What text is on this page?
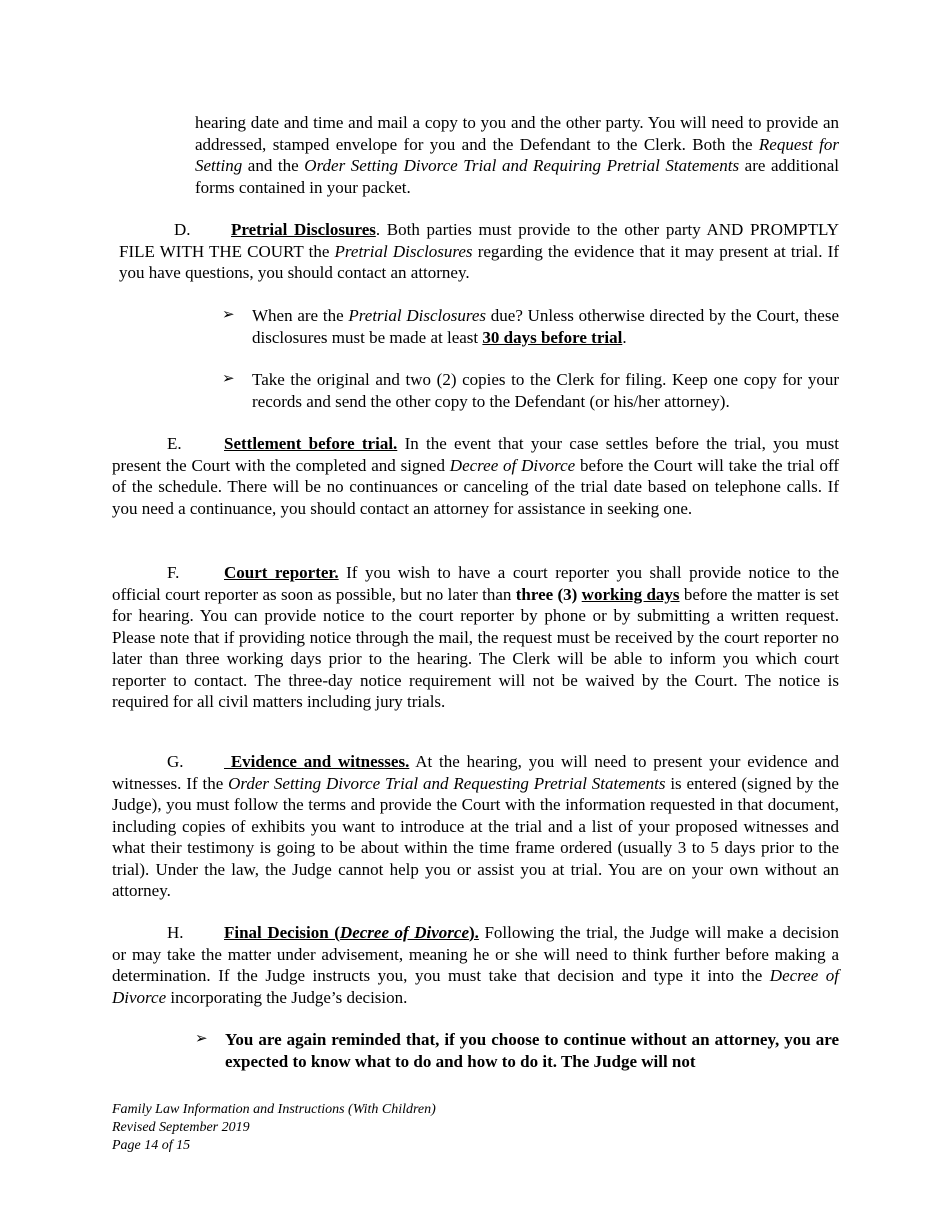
hearing date and time and mail a copy to you and the other party. You will need to provide an addressed, stamped envelope for you and the Defendant to the Clerk. Both the Request for Setting and the Order Setting Divorce Trial and Requiring Pretrial Statements are additional forms contained in your packet.

D. Pretrial Disclosures. Both parties must provide to the other party AND PROMPTLY FILE WITH THE COURT the Pretrial Disclosures regarding the evidence that it may present at trial. If you have questions, you should contact an attorney.

➢ When are the Pretrial Disclosures due? Unless otherwise directed by the Court, these disclosures must be made at least 30 days before trial.
➢ Take the original and two (2) copies to the Clerk for filing. Keep one copy for your records and send the other copy to the Defendant (or his/her attorney).

E. Settlement before trial. In the event that your case settles before the trial, you must present the Court with the completed and signed Decree of Divorce before the Court will take the trial off of the schedule. There will be no continuances or canceling of the trial date based on telephone calls. If you need a continuance, you should contact an attorney for assistance in seeking one.

F.	Court reporter. If you wish to have a court reporter you shall provide notice to the official court reporter as soon as possible, but no later than three (3) working days before the matter is set for hearing. You can provide notice to the court reporter by phone or by submitting a written request. Please note that if providing notice through the mail, the request must be received by the court reporter no later than three working days prior to the hearing. The Clerk will be able to inform you which court reporter to contact. The three-day notice requirement will not be waived by the Court. The notice is required for all civil matters including jury trials.

G. Evidence and witnesses. At the hearing, you will need to present your evidence and witnesses. If the Order Setting Divorce Trial and Requesting Pretrial Statements is entered (signed by the Judge), you must follow the terms and provide the Court with the information requested in that document, including copies of exhibits you want to introduce at the trial and a list of your proposed witnesses and what their testimony is going to be about within the time frame ordered (usually 3 to 5 days prior to the trial). Under the law, the Judge cannot help you or assist you at trial. You are on your own without an attorney.

H. Final Decision (Decree of Divorce). Following the trial, the Judge will make a decision or may take the matter under advisement, meaning he or she will need to think further before making a determination. If the Judge instructs you, you must take that decision and type it into the Decree of Divorce incorporating the Judge’s decision.

➢ You are again reminded that, if you choose to continue without an attorney, you are expected to know what to do and how to do it. The Judge will not
Family Law Information and Instructions (With Children)
Revised September 2019
Page 14 of 15
